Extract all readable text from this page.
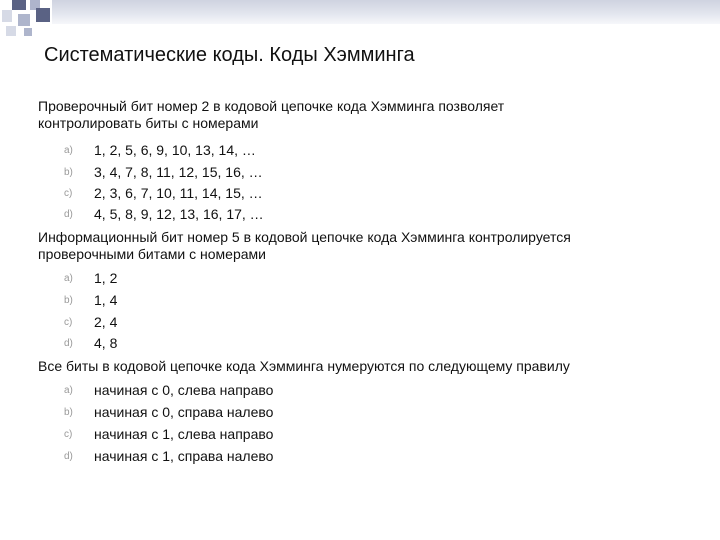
Систематические коды. Коды Хэмминга
Проверочный бит номер 2 в кодовой цепочке кода Хэмминга позволяет
контролировать биты с номерами
a) 1, 2, 5, 6, 9, 10, 13, 14, …
b) 3, 4, 7, 8, 11, 12, 15, 16, …
c) 2, 3, 6, 7, 10, 11, 14, 15, …
d) 4, 5, 8, 9, 12, 13, 16, 17, …
Информационный бит номер 5 в кодовой цепочке кода Хэмминга контролируется
проверочными битами с номерами
a) 1, 2
b) 1, 4
c) 2, 4
d) 4, 8
Все биты в кодовой цепочке кода Хэмминга нумеруются по следующему правилу
a) начиная с 0, слева направо
b) начиная с 0, справа налево
c) начиная с 1, слева направо
d) начиная с 1, справа налево
